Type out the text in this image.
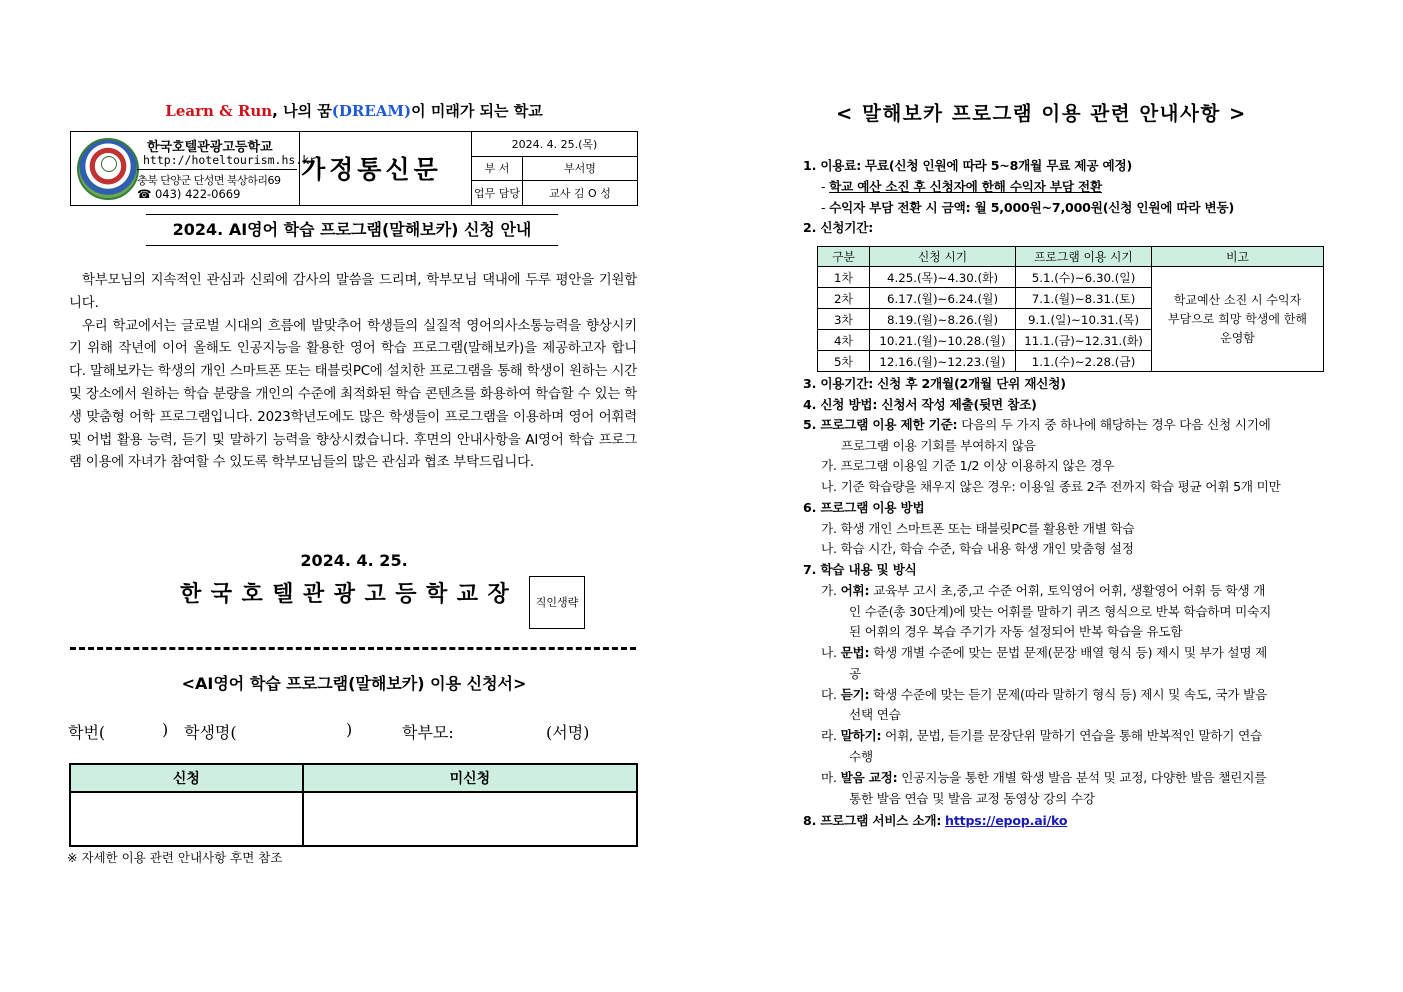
Learn & Run, 나의 꿈(DREAM)이 미래가 되는 학교
한국호텔관광고등학교
http://hoteltourism.hs.kr
충북 단양군 단성면 북상하리69
☎ 043) 422-0669
가정통신문
2024. 4. 25.(목)	
부 서	부서명
업무 담당	교사 김 O 성
2024. AI영어 학습 프로그램(말해보카) 신청 안내

학부모님의 지속적인 관심과 신뢰에 감사의 말씀을 드리며, 학부모님 댁내에 두루 평안을 기원합니다.

우리 학교에서는 글로벌 시대의 흐름에 발맞추어 학생들의 실질적 영어의사소통능력을 향상시키기 위해 작년에 이어 올해도 인공지능을 활용한 영어 학습 프로그램(말해보카)을 제공하고자 합니다. 말해보카는 학생의 개인 스마트폰 또는 태블릿PC에 설치한 프로그램을 통해 학생이 원하는 시간 및 장소에서 원하는 학습 분량을 개인의 수준에 최적화된 학습 콘텐츠를 화용하여 학습할 수 있는 학생 맞춤형 어학 프로그램입니다. 2023학년도에도 많은 학생들이 프로그램을 이용하며 영어 어휘력 및 어법 활용 능력, 듣기 및 말하기 능력을 향상시켰습니다. 후면의 안내사항을 AI영어 학습 프로그램 이용에 자녀가 참여할 수 있도록 학부모님들의 많은 관심과 협조 부탁드립니다.

2024. 4. 25.
한국호텔관광고등학교장	직인생략
<AI영어 학습 프로그램(말해보카) 이용 신청서>
학번(	) 학생명(	)	학부모:	(서명)
신청	미신청

※ 자세한 이용 관련 안내사항 후면 참조
< 말해보카 프로그램 이용 관련 안내사항 >
1. 이용료: 무료(신청 인원에 따라 5~8개월 무료 제공 예정)
- 학교 예산 소진 후 신청자에 한해 수익자 부담 전환
- 수익자 부담 전환 시 금액: 월 5,000원~7,000원(신청 인원에 따라 변동)
2. 신청기간:
구분	신청 시기	프로그램 이용 시기	비고
1차	4.25.(목)~4.30.(화)	5.1.(수)~6.30.(일)	학교예산 소진 시 수익자
부담으로 희망 학생에 한해
운영함

2차	6.17.(월)~6.24.(월)	7.1.(월)~8.31.(토)	
3차	8.19.(월)~8.26.(월)	9.1.(일)~10.31.(목)	
4차	10.21.(월)~10.28.(월)	11.1.(금)~12.31.(화)	
5차	12.16.(월)~12.23.(월)	1.1.(수)~2.28.(금)	
3. 이용기간: 신청 후 2개월(2개월 단위 재신청)
4. 신청 방법: 신청서 작성 제출(뒷면 참조)
5. 프로그램 이용 제한 기준: 다음의 두 가지 중 하나에 해당하는 경우 다음 신청 시기에
프로그램 이용 기회를 부여하지 않음
가. 프로그램 이용일 기준 1/2 이상 이용하지 않은 경우
나. 기준 학습량을 채우지 않은 경우: 이용일 종료 2주 전까지 학습 평균 어휘 5개 미만
6. 프로그램 이용 방법
가. 학생 개인 스마트폰 또는 태블릿PC를 활용한 개별 학습
나. 학습 시간, 학습 수준, 학습 내용 학생 개인 맞춤형 설정
7. 학습 내용 및 방식
가. 어휘: 교육부 고시 초,중,고 수준 어휘, 토익영어 어휘, 생활영어 어휘 등 학생 개
인 수준(총 30단계)에 맞는 어휘를 말하기 퀴즈 형식으로 반복 학습하며 미숙지
된 어휘의 경우 복습 주기가 자동 설정되어 반복 학습을 유도함
나. 문법: 학생 개별 수준에 맞는 문법 문제(문장 배열 형식 등) 제시 및 부가 설명 제
공
다. 듣기: 학생 수준에 맞는 듣기 문제(따라 말하기 형식 등) 제시 및 속도, 국가 발음
선택 연습
라. 말하기: 어휘, 문법, 듣기를 문장단위 말하기 연습을 통해 반복적인 말하기 연습
수행
마. 발음 교정: 인공지능을 통한 개별 학생 발음 분석 및 교정, 다양한 발음 챌린지를
통한 발음 연습 및 발음 교정 동영상 강의 수강
8. 프로그램 서비스 소개: https://epop.ai/ko
